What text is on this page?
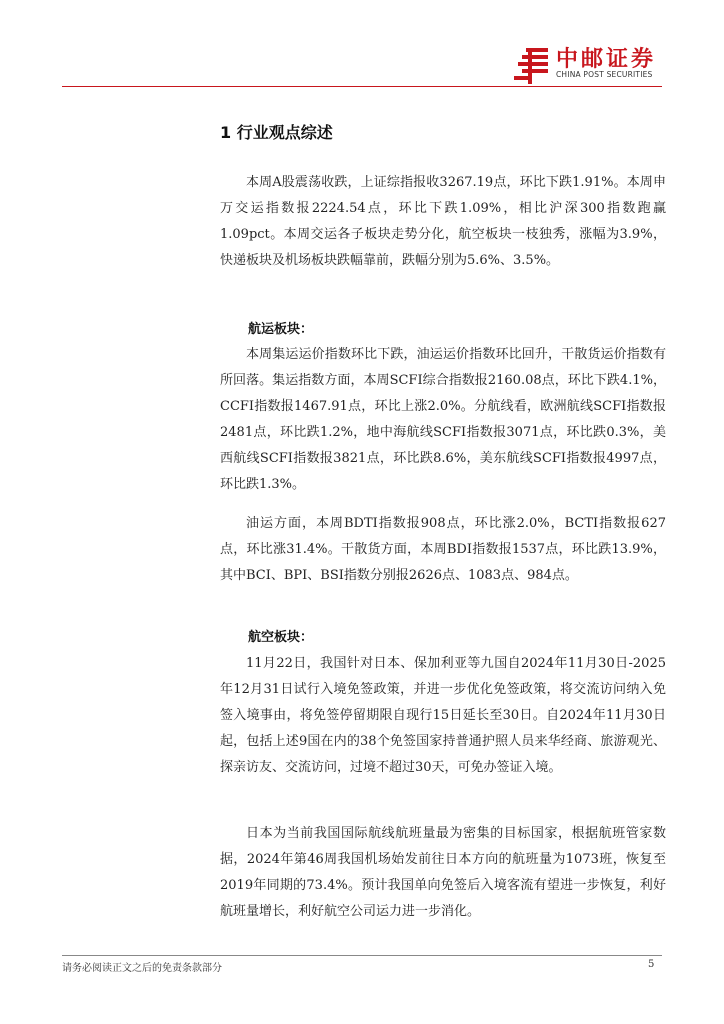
中邮证券
CHINA POST SECURITIES
1 行业观点综述

本周A股震荡收跌，上证综指报收3267.19点，环比下跌1.91%。本周申万交运指数报2224.54点，环比下跌1.09%，相比沪深300指数跑赢1.09pct。本周交运各子板块走势分化，航空板块一枝独秀，涨幅为3.9%，快递板块及机场板块跌幅靠前，跌幅分别为5.6%、3.5%。

航运板块：

本周集运运价指数环比下跌，油运运价指数环比回升，干散货运价指数有所回落。集运指数方面，本周SCFI综合指数报2160.08点，环比下跌4.1%，CCFI指数报1467.91点，环比上涨2.0%。分航线看，欧洲航线SCFI指数报2481点，环比跌1.2%，地中海航线SCFI指数报3071点，环比跌0.3%，美西航线SCFI指数报3821点，环比跌8.6%，美东航线SCFI指数报4997点，环比跌1.3%。

油运方面，本周BDTI指数报908点，环比涨2.0%，BCTI指数报627点，环比涨31.4%。干散货方面，本周BDI指数报1537点，环比跌13.9%，其中BCI、BPI、BSI指数分别报2626点、1083点、984点。

航空板块：

11月22日，我国针对日本、保加利亚等九国自2024年11月30日-2025年12月31日试行入境免签政策，并进一步优化免签政策，将交流访问纳入免签入境事由，将免签停留期限自现行15日延长至30日。自2024年11月30日起，包括上述9国在内的38个免签国家持普通护照人员来华经商、旅游观光、探亲访友、交流访问，过境不超过30天，可免办签证入境。

日本为当前我国国际航线航班量最为密集的目标国家，根据航班管家数据，2024年第46周我国机场始发前往日本方向的航班量为1073班，恢复至2019年同期的73.4%。预计我国单向免签后入境客流有望进一步恢复，利好航班量增长，利好航空公司运力进一步消化。

请务必阅读正文之后的免责条款部分	5
